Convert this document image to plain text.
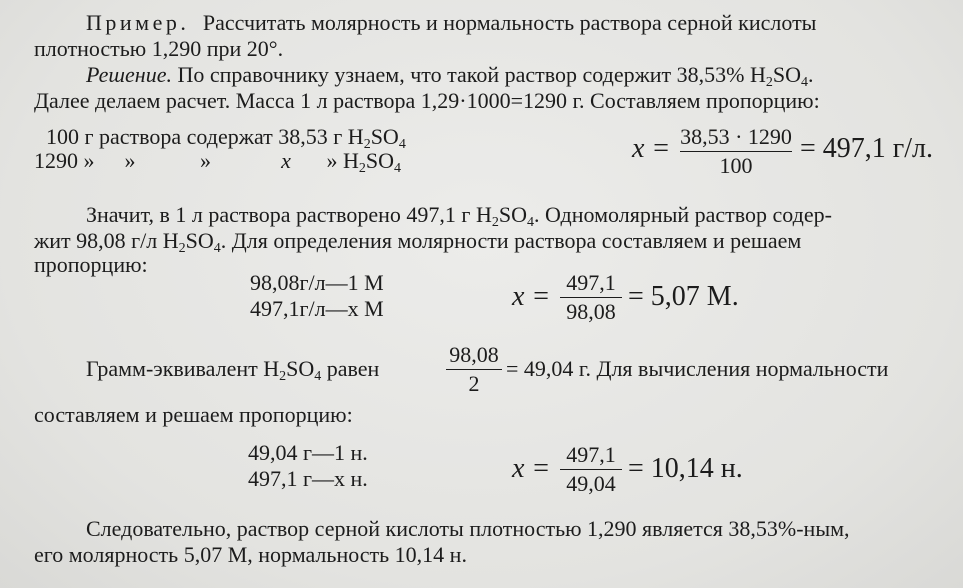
Пример. Рассчитать молярность и нормальность раствора серной кислоты
плотностью 1,290 при 20°.
Решение. По справочнику узнаем, что такой раствор содержит 38,53% $H_2SO_4$.
Далее делаем расчет. Масса 1 л раствора 1,29·1000=1290 г. Составляем пропорцию:
100 г раствора содержат 38,53 г $H_2SO_4$
1290 » »	»	x » $H_2SO_4$
x = 38,53 · 1290
100
= 497,1 г/л.
Значит, в 1 л раствора растворено 497,1 г $H_2SO_4$. Одномолярный раствор содер-
жит 98,08 г/л $H_2SO_4$. Для определения молярности раствора составляем и решаем
пропорцию:
98,08г/л—1 М
497,1г/л—x М	x = 497,1
98,08 = 5,07 М.
Грамм-эквивалент $H_2SO_4$ равен
98,08
2
= 49,04 г. Для вычисления нормальности
составляем и решаем пропорцию:
49,04 г—1 н.
497,1 г—x н.	x = 497,1
49,04 = 10,14 н.
Следовательно, раствор серной кислоты плотностью 1,290 является 38,53%-ным,
его молярность 5,07 М, нормальность 10,14 н.
